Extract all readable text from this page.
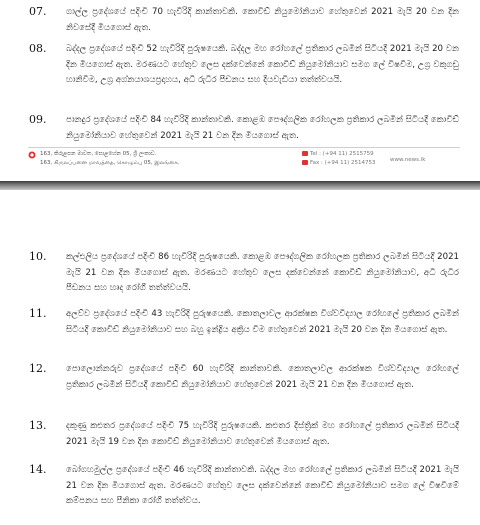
07. ගාල්ල ප්‍රදේශයේ පදිංචි 70 හැවිරිදි කාන්තාවකි. කොවිඩ් නියුමෝනියාව හේතුවෙන් 2021 මැයි 20 වන දින නිවසේදී මියගොස් ඇත.
08. බද්දල ප්‍රදේශයේ පදිංචි 52 හැවිරිදි පුරුෂයෙකි. බද්දල මහ රෝහලේ ප්‍රතිකාර ලබමින් සිටියදී 2021 මැයි 20 වන දින මියගොස් ඇත. මරණයට හේතුව ලෙස දක්වෙන්නේ කොවිඩ් නියුමෝනියාව සමග ලේ විෂවීම, උග්‍ර වකුගඩු හානිවීම, උග්‍ර අග්නයාශයප්‍රදාහය, අධි රුධිර පීඩනය සහ දියවැඩියා තත්ත්වයයි.
09. පානදුර ප්‍රදේශයේ පදිංචි 84 හැවිරිදි කාන්තාවකි. කොළඹ පෞද්ගලික රෝහලක ප්‍රතිකාර ලබමින් සිටියදී කොවිඩ් නියුමෝනියාව හේතුවෙන් 2021 මැයි 21 වන දින මියගොස් ඇත.
163, කිරුළපන මාවත, පොළහේන 05, ශ්‍රී ලංකාව.
163, கிருலப்பனை மாவத்தை, கொழும்பு 05, இலங்கை.
Tel : (+94 11) 2515759
Fax : (+94 11) 2514753	www.news.lk
10. කල්එලිය ප්‍රදේශයේ පදිංචි 86 හැවිරිදි පුරුෂයෙකි. කොළඹ පෞද්ගලික රෝහලක ප්‍රතිකාර ලබමින් සිටියදී 2021 මැයි 21 වන දින මියගොස් ඇත. මරණයට හේතුව ලෙස දක්වෙන්නේ කොවිඩ් නියුමෝනියාව, අධි රුධිර පීඩනය සහ හෘද රෝගී තත්ත්වයයි.
11. අලව්ව ප්‍රදේශයේ පදිංචි 43 හැවිරිදි පුරුෂයෙකි. කොතලාවල ආරක්ෂක විශ්වවිද්‍යාල රෝහලේ ප්‍රතිකාර ලබමින් සිටියදී කොවිඩ් නියුමෝනියාව සහ බහු ඉන්ද්‍රිය අක්‍රිය වීම හේතුවෙන් 2021 මැයි 20 වන දින මියගොස් ඇත.
12. පොලොන්නරුව ප්‍රදේශයේ පදිංචි 60 හැවිරිදි කාන්තාවකි. කොතලාවල ආරක්ෂක විශ්වවිද්‍යාල රෝහලේ ප්‍රතිකාර ලබමින් සිටියදී කොවිඩ් නියුමෝනියාව හේතුවෙන් 2021 මැයි 21 වන දින මියගොස් ඇත.
13. දකුණු කළුතර ප්‍රදේශයේ පදිංචි 75 හැවිරිදි පුරුෂයෙකි. කළුතර දිස්ත්‍රික් මහ රෝහලේ ප්‍රතිකාර ලබමින් සිටියදී 2021 මැයි 19 වන දින කොවිඩ් නියුමෝනියාව හේතුවෙන් මියගොස් ඇත.
14. බෝගහමුල්ල ප්‍රදේශයේ පදිංචි 46 හැවිරිදි කාන්තාවකි. බද්දල මහ රෝහලේ ප්‍රතිකාර ලබමින් සිටියදී 2021 මැයි 21 වන දින මියගොස් ඇත. මරණයට හේතුව ලෙස දක්වෙන්නේ කොවිඩ් නියුමෝනියාව සමග ලේ විෂවීමේ කම්පනය සහ පීනිකා රෝගී තත්ත්වය.
